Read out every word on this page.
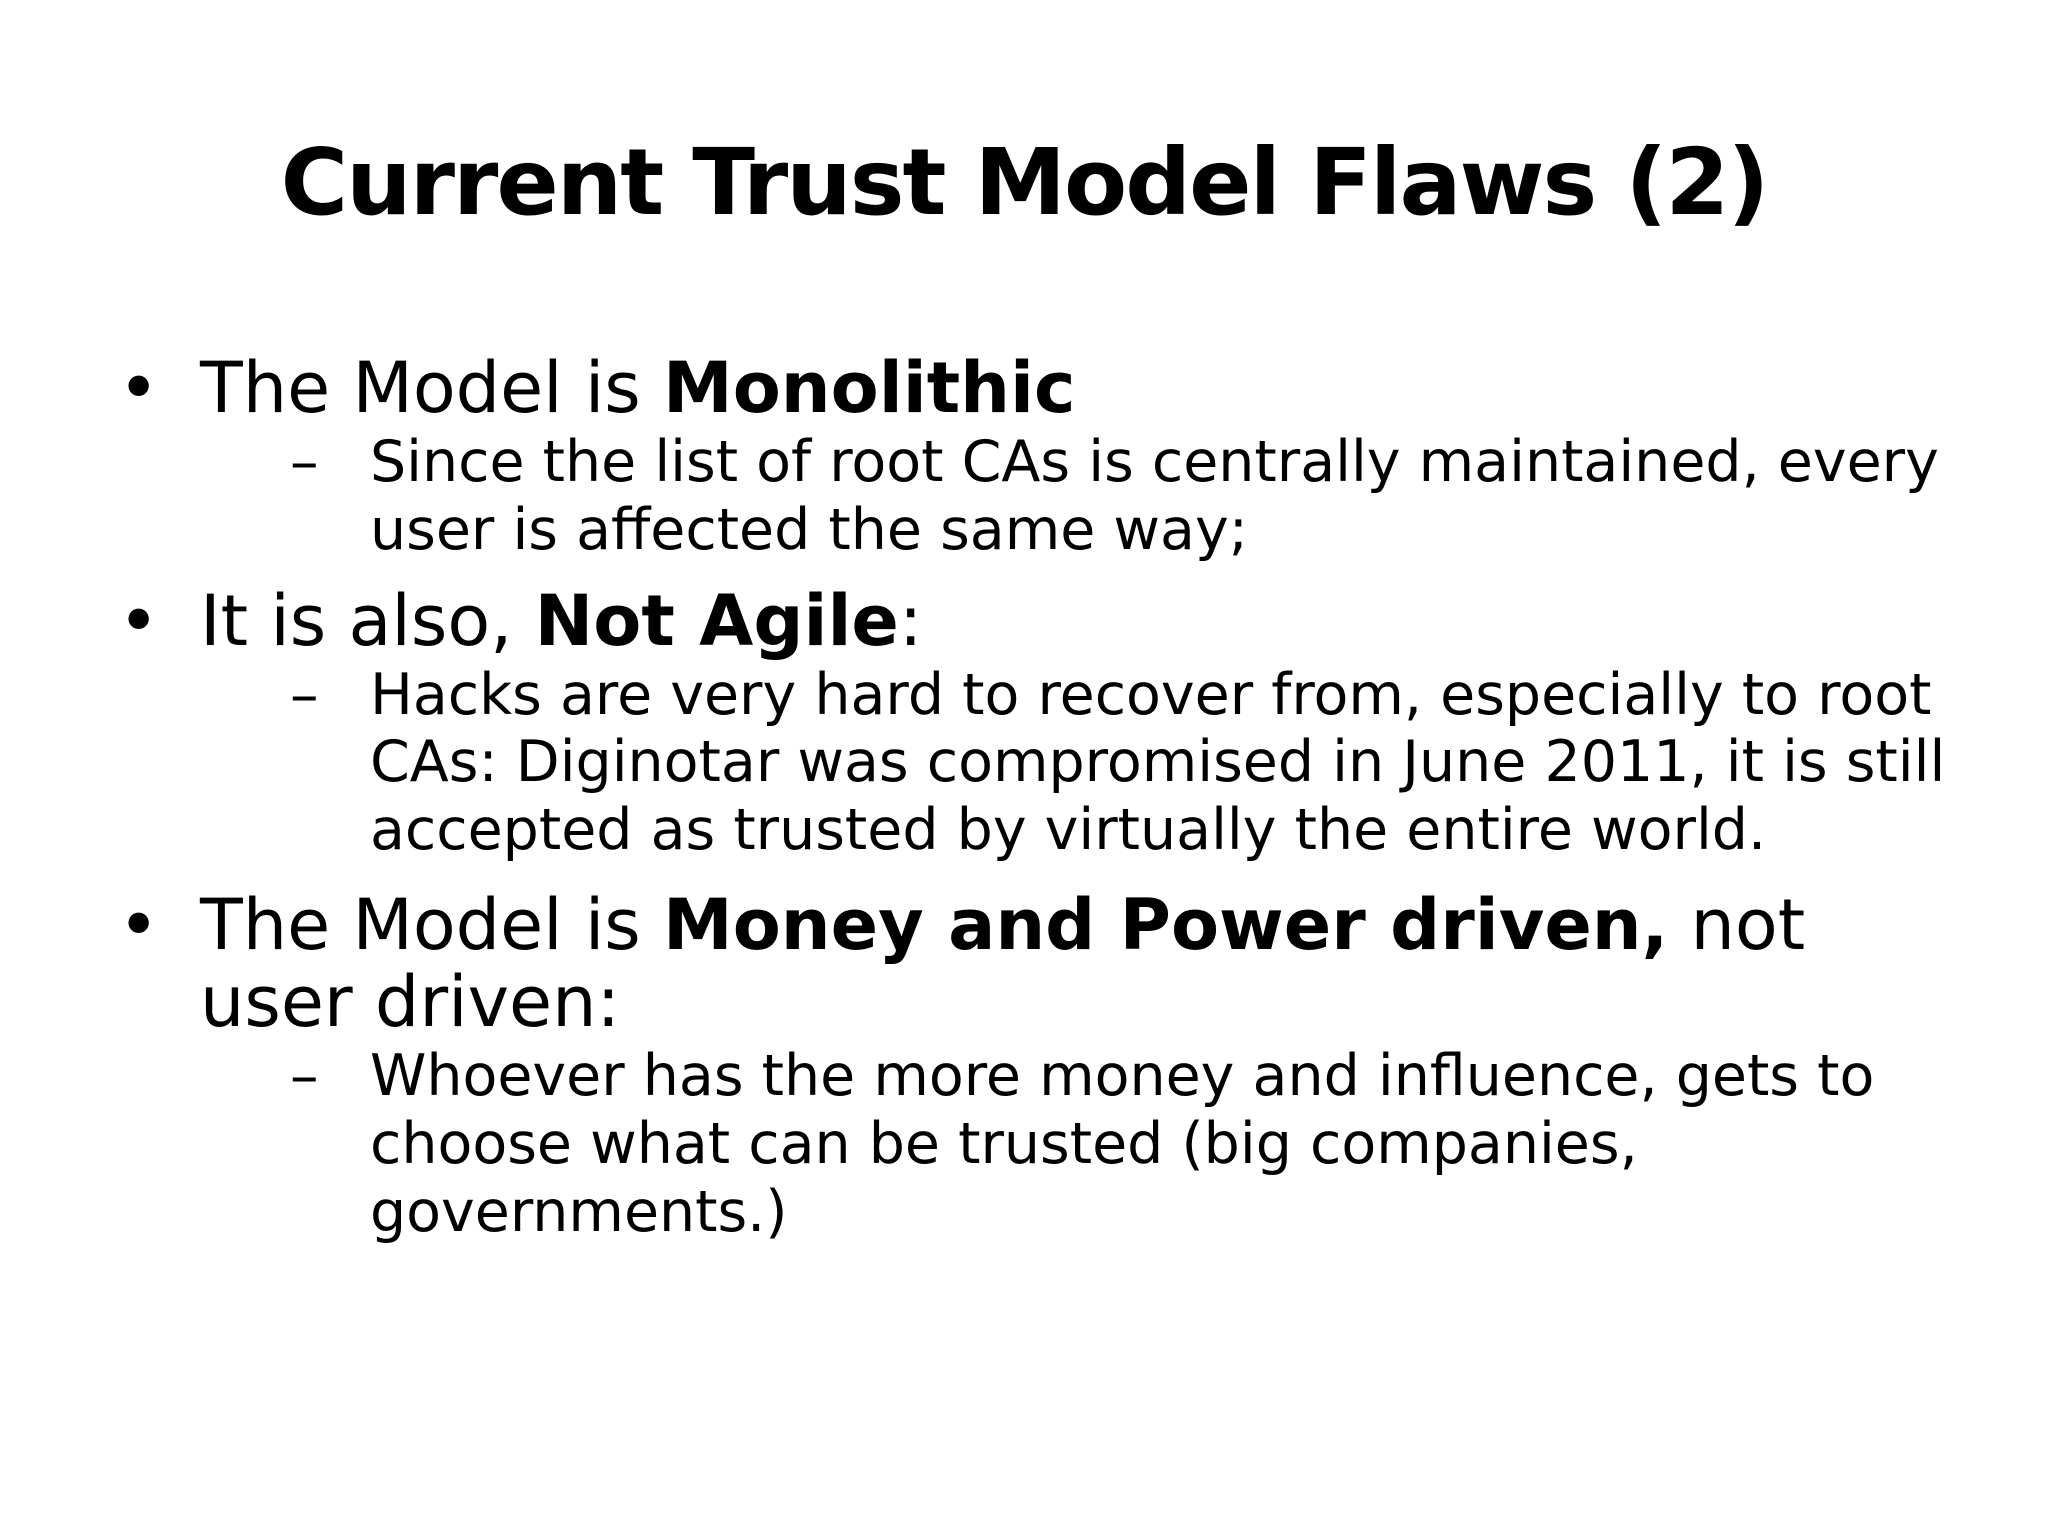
Current Trust Model Flaws (2)
• The Model is Monolithic
– Since the list of root CAs is centrally maintained, every user is affected the same way;
• It is also, Not Agile:
– Hacks are very hard to recover from, especially to root CAs: Diginotar was compromised in June 2011, it is still accepted as trusted by virtually the entire world.
• The Model is Money and Power driven, not user driven:
– Whoever has the more money and influence, gets to choose what can be trusted (big companies, governments.)
